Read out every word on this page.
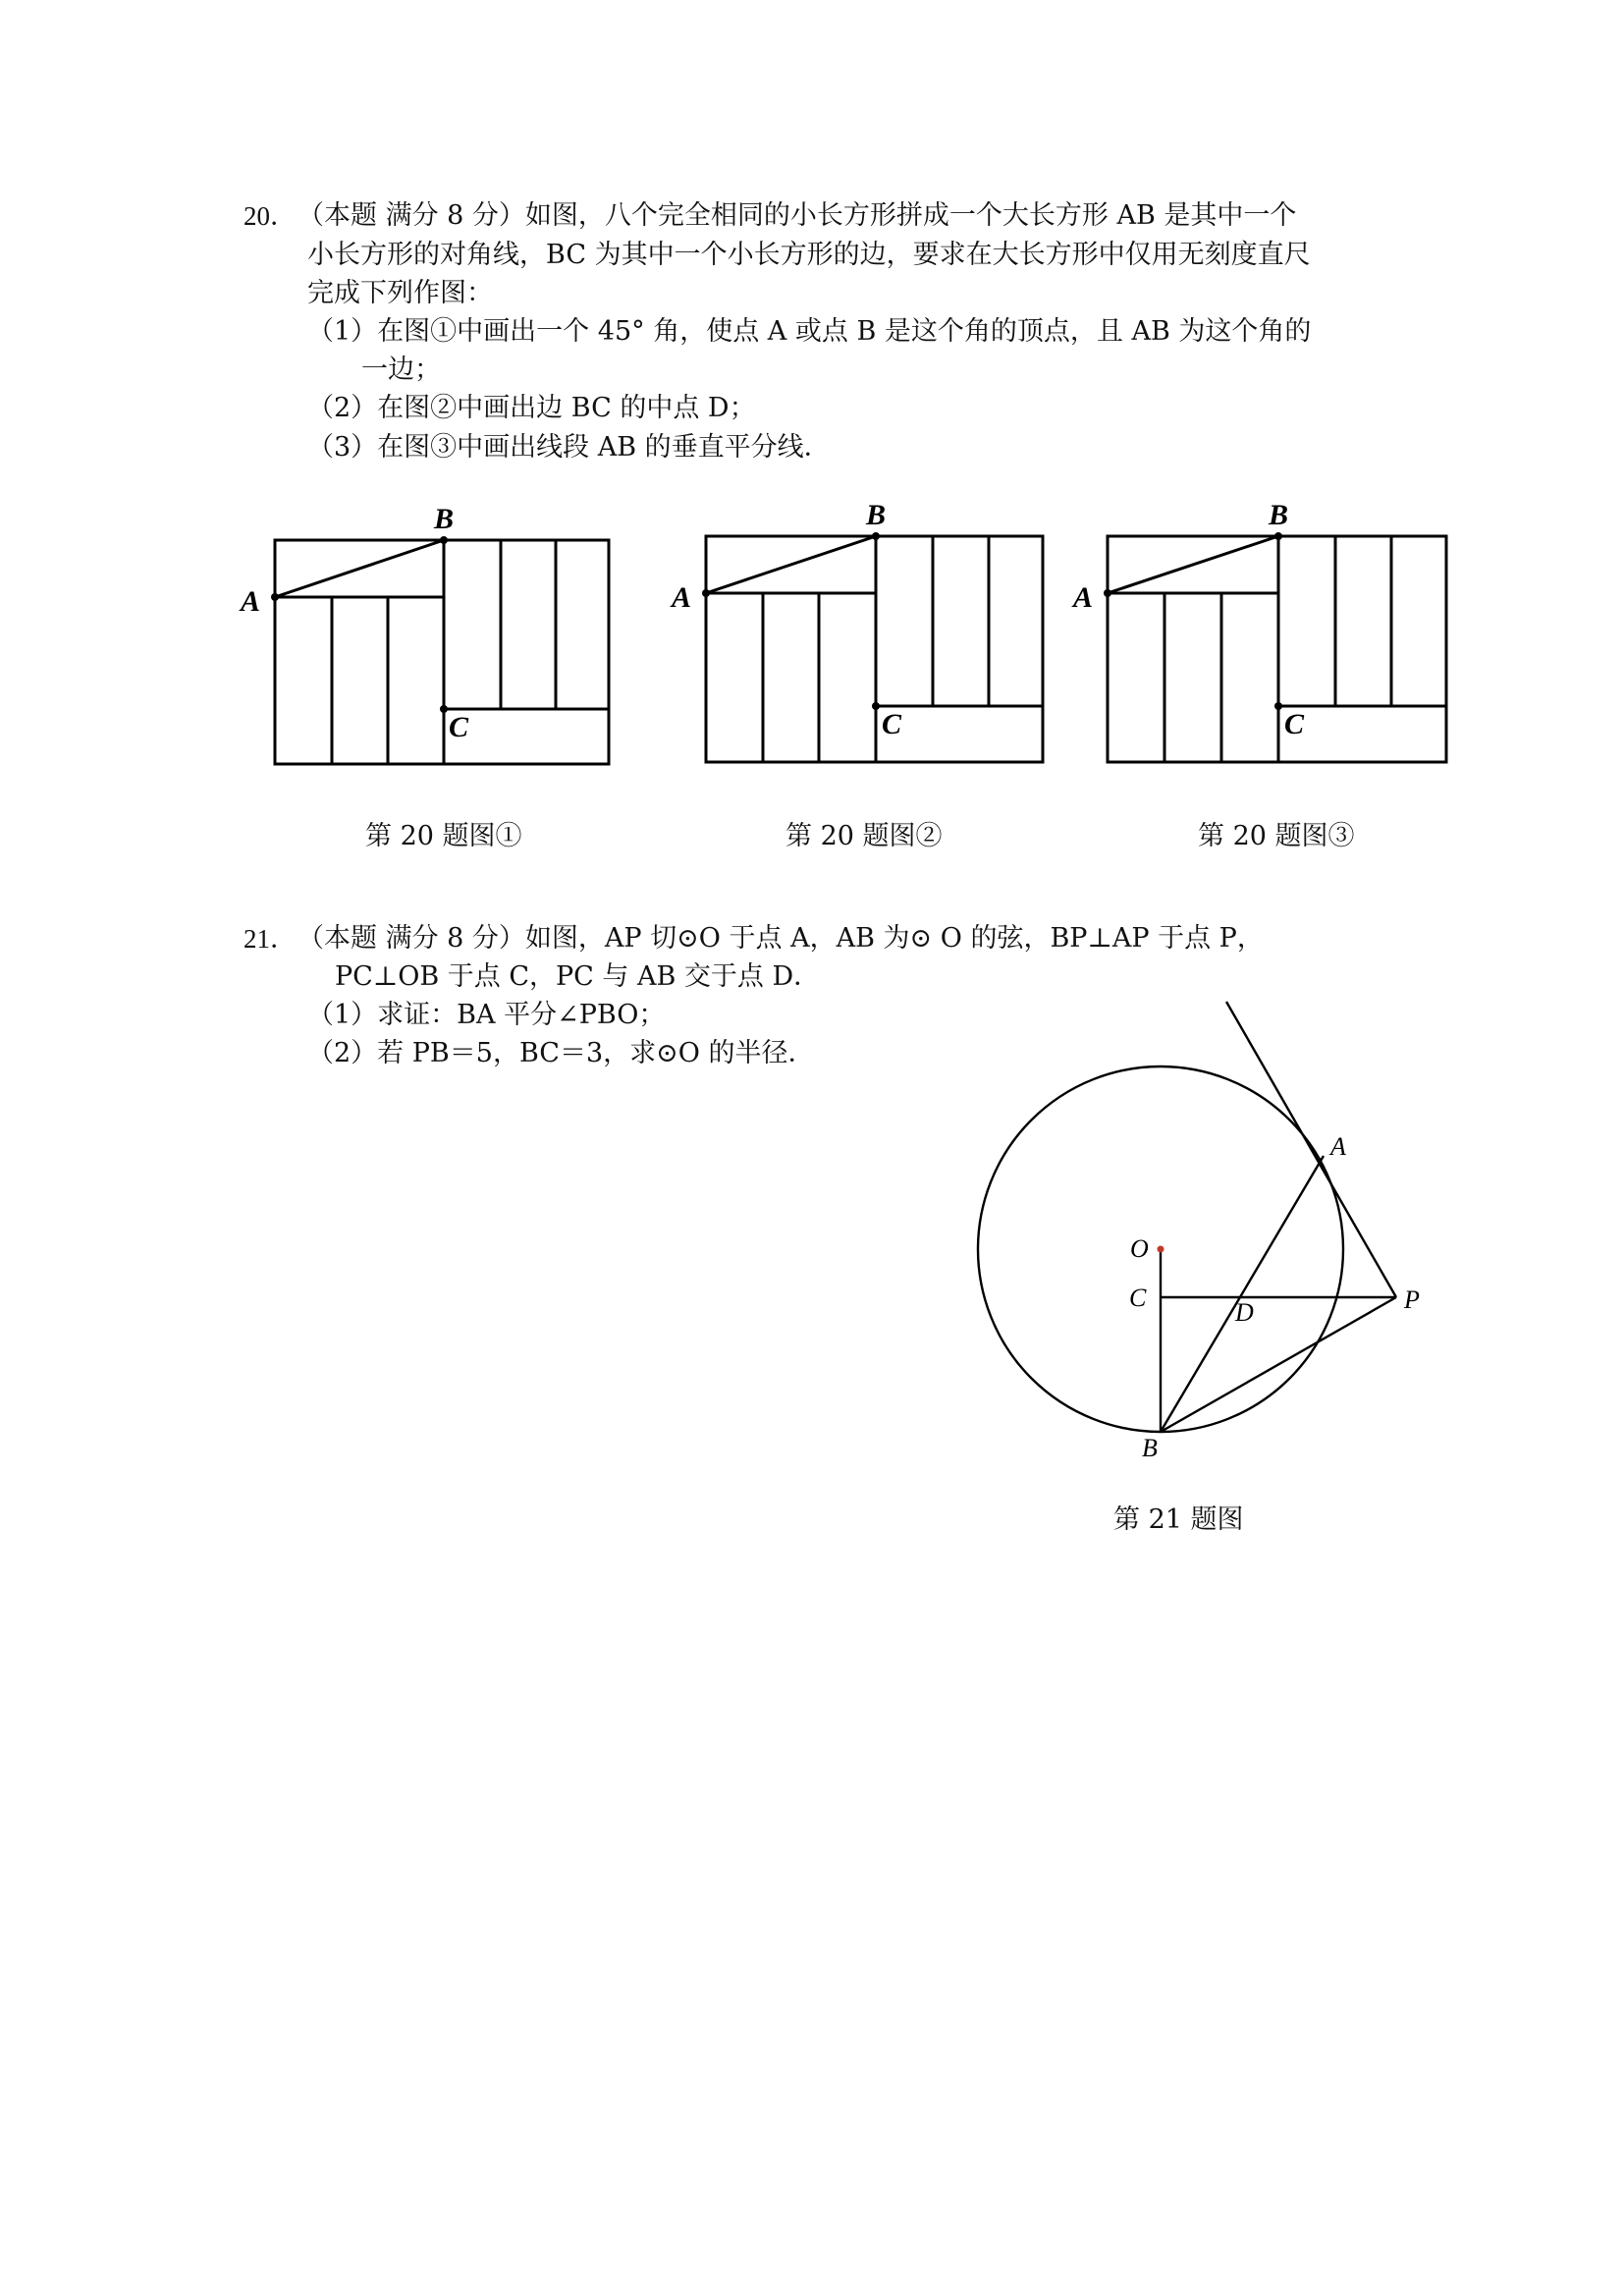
20． （本题 满分 8 分）如图，八个完全相同的小长方形拼成一个大长方形 AB 是其中一个
小长方形的对角线，BC 为其中一个小长方形的边，要求在大长方形中仅用无刻度直尺
完成下列作图：
（1）在图①中画出一个 45° 角，使点 A 或点 B 是这个角的顶点，且 AB 为这个角的
一边；
（2）在图②中画出边 BC 的中点 D；
（3）在图③中画出线段 AB 的垂直平分线．
A
B
C
第 20 题图①
A
B
C
第 20 题图②
A
B
C
第 20 题图③
21． （本题 满分 8 分）如图，AP 切⊙O 于点 A，AB 为⊙ O 的弦，BP⊥AP 于点 P，
PC⊥OB 于点 C，PC 与 AB 交于点 D．
（1）求证：BA 平分∠PBO；
（2）若 PB＝5，BC＝3，求⊙O 的半径．
O
A
C
D	P
B
第 21 题图
